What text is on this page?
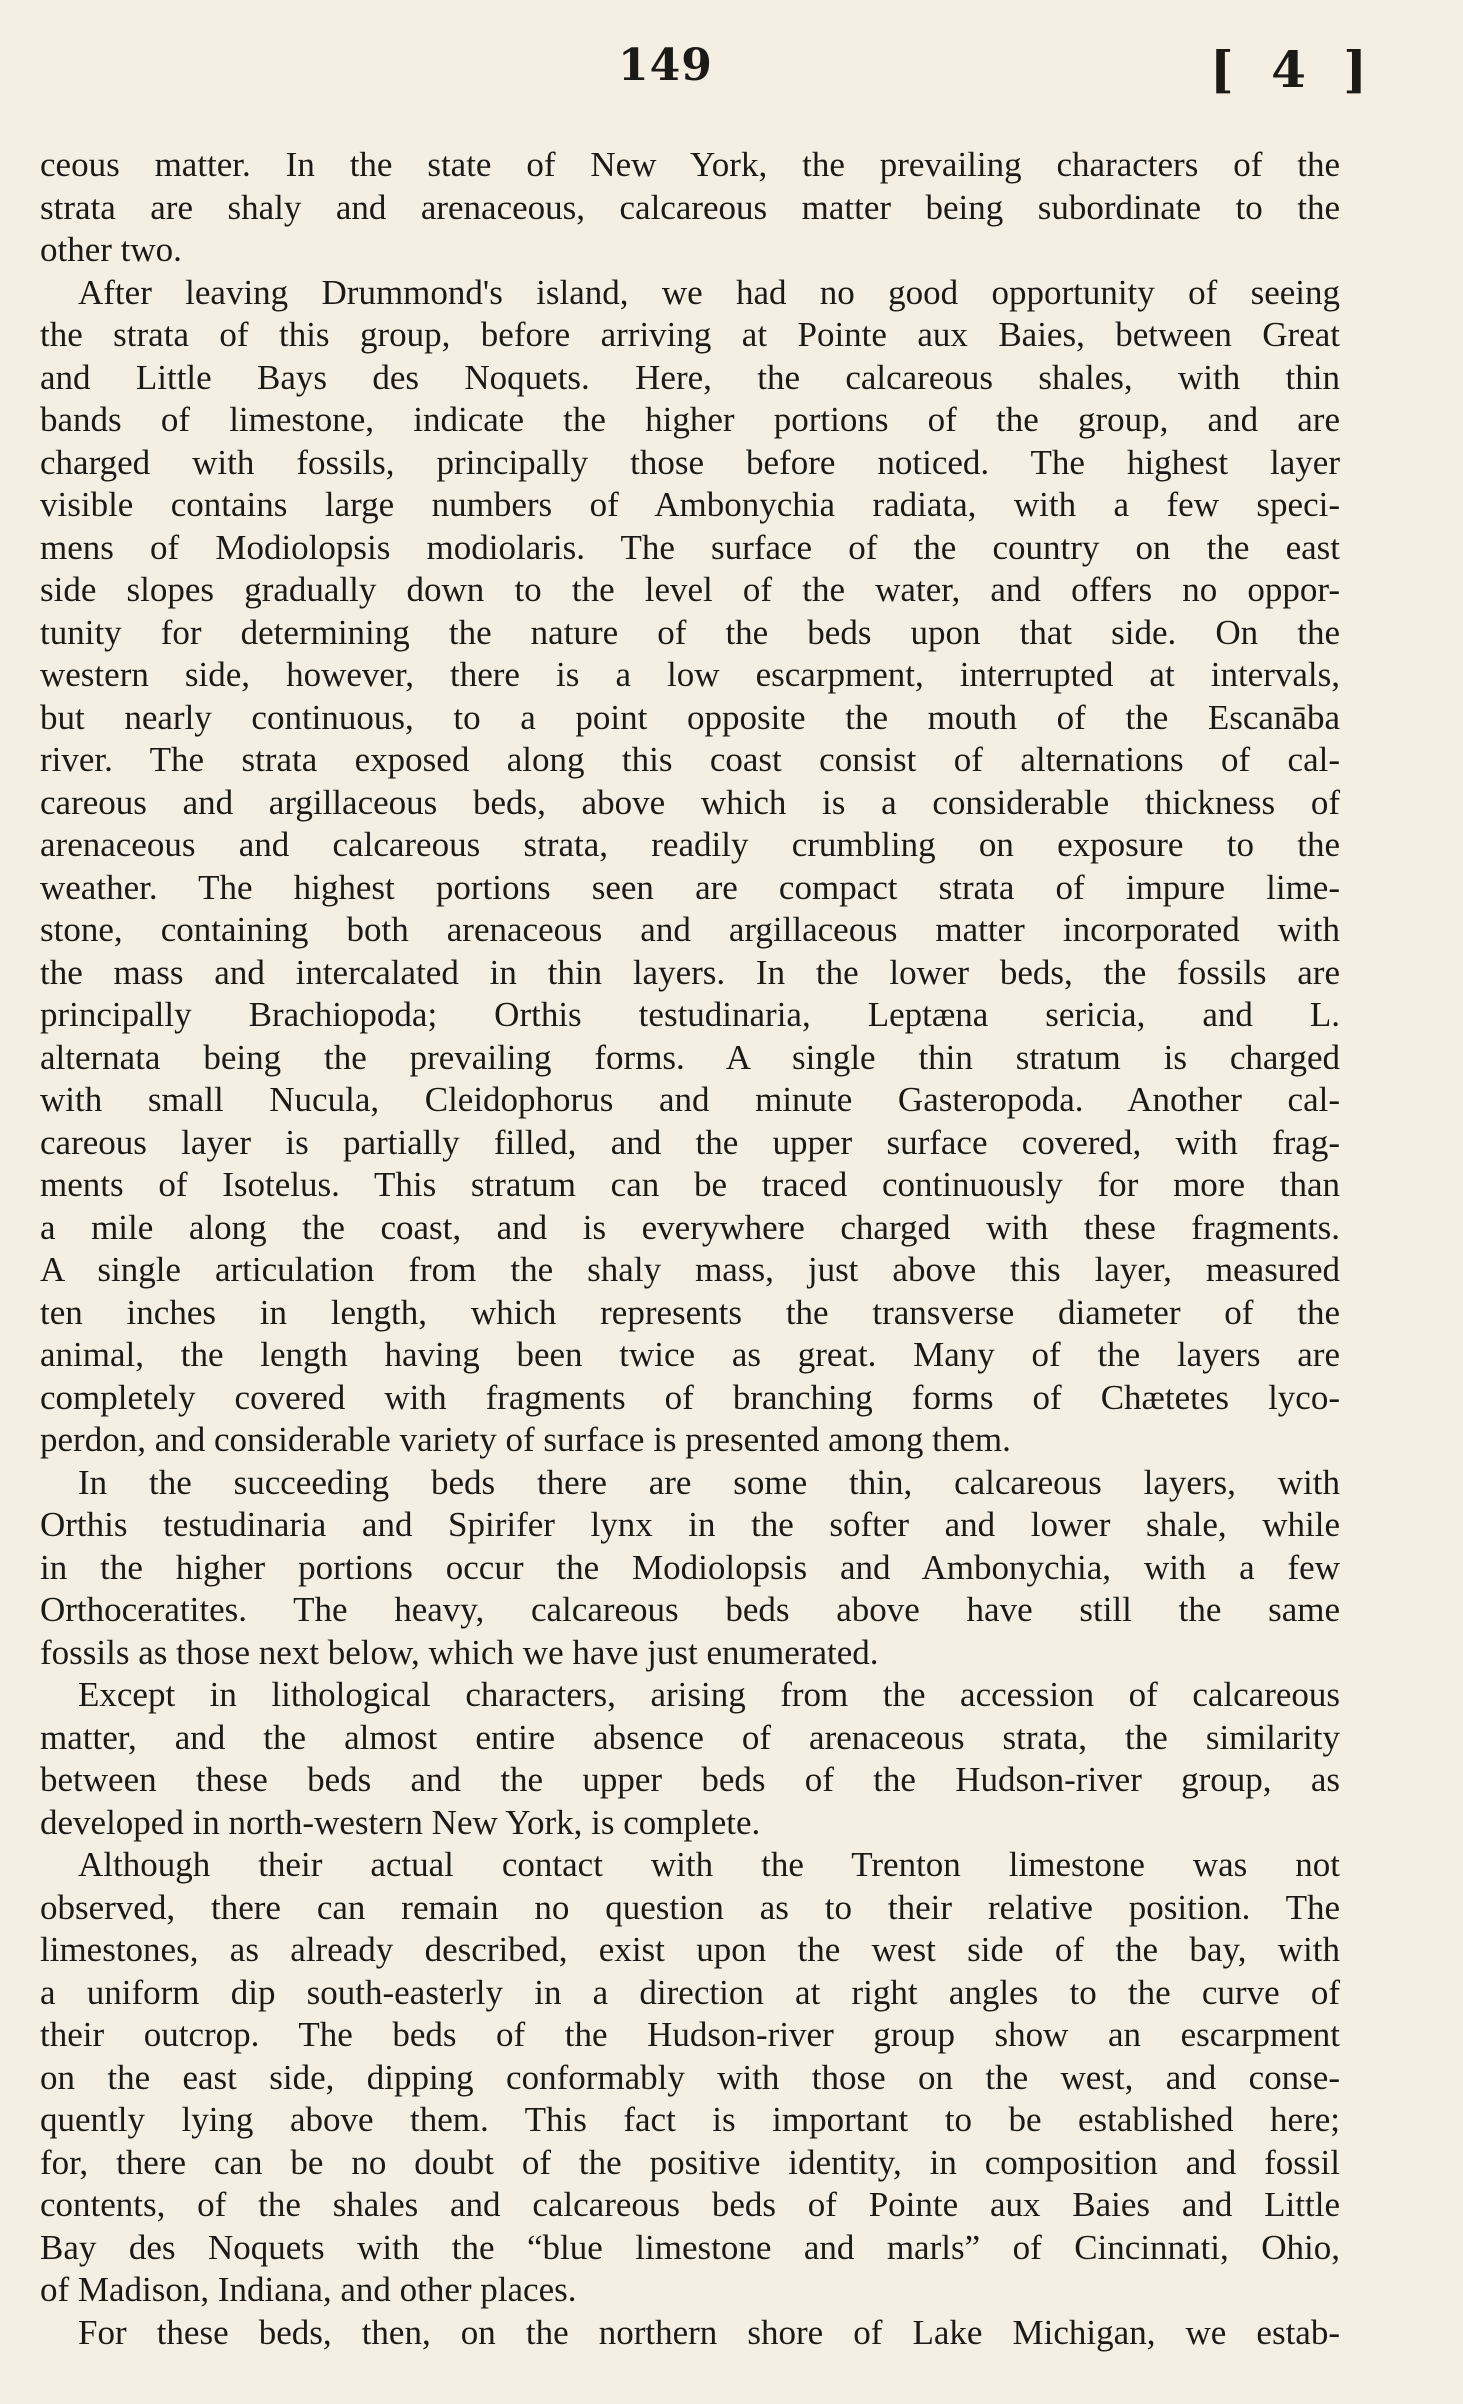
149	[ 4 ]
ceous matter. In the state of New York, the prevailing characters of the
strata are shaly and arenaceous, calcareous matter being subordinate to the
other two.
After leaving Drummond's island, we had no good opportunity of seeing
the strata of this group, before arriving at Pointe aux Baies, between Great
and Little Bays des Noquets. Here, the calcareous shales, with thin
bands of limestone, indicate the higher portions of the group, and are
charged with fossils, principally those before noticed. The highest layer
visible contains large numbers of Ambonychia radiata, with a few speci-
mens of Modiolopsis modiolaris. The surface of the country on the east
side slopes gradually down to the level of the water, and offers no oppor-
tunity for determining the nature of the beds upon that side. On the
western side, however, there is a low escarpment, interrupted at intervals,
but nearly continuous, to a point opposite the mouth of the Escanāba
river. The strata exposed along this coast consist of alternations of cal-
careous and argillaceous beds, above which is a considerable thickness of
arenaceous and calcareous strata, readily crumbling on exposure to the
weather. The highest portions seen are compact strata of impure lime-
stone, containing both arenaceous and argillaceous matter incorporated with
the mass and intercalated in thin layers. In the lower beds, the fossils are
principally Brachiopoda; Orthis testudinaria, Leptæna sericia, and L.
alternata being the prevailing forms. A single thin stratum is charged
with small Nucula, Cleidophorus and minute Gasteropoda. Another cal-
careous layer is partially filled, and the upper surface covered, with frag-
ments of Isotelus. This stratum can be traced continuously for more than
a mile along the coast, and is everywhere charged with these fragments.
A single articulation from the shaly mass, just above this layer, measured
ten inches in length, which represents the transverse diameter of the
animal, the length having been twice as great. Many of the layers are
completely covered with fragments of branching forms of Chætetes lyco-
perdon, and considerable variety of surface is presented among them.
In the succeeding beds there are some thin, calcareous layers, with
Orthis testudinaria and Spirifer lynx in the softer and lower shale, while
in the higher portions occur the Modiolopsis and Ambonychia, with a few
Orthoceratites. The heavy, calcareous beds above have still the same
fossils as those next below, which we have just enumerated.
Except in lithological characters, arising from the accession of calcareous
matter, and the almost entire absence of arenaceous strata, the similarity
between these beds and the upper beds of the Hudson-river group, as
developed in north-western New York, is complete.
Although their actual contact with the Trenton limestone was not
observed, there can remain no question as to their relative position. The
limestones, as already described, exist upon the west side of the bay, with
a uniform dip south-easterly in a direction at right angles to the curve of
their outcrop. The beds of the Hudson-river group show an escarpment
on the east side, dipping conformably with those on the west, and conse-
quently lying above them. This fact is important to be established here;
for, there can be no doubt of the positive identity, in composition and fossil
contents, of the shales and calcareous beds of Pointe aux Baies and Little
Bay des Noquets with the “blue limestone and marls” of Cincinnati, Ohio,
of Madison, Indiana, and other places.
For these beds, then, on the northern shore of Lake Michigan, we estab-
